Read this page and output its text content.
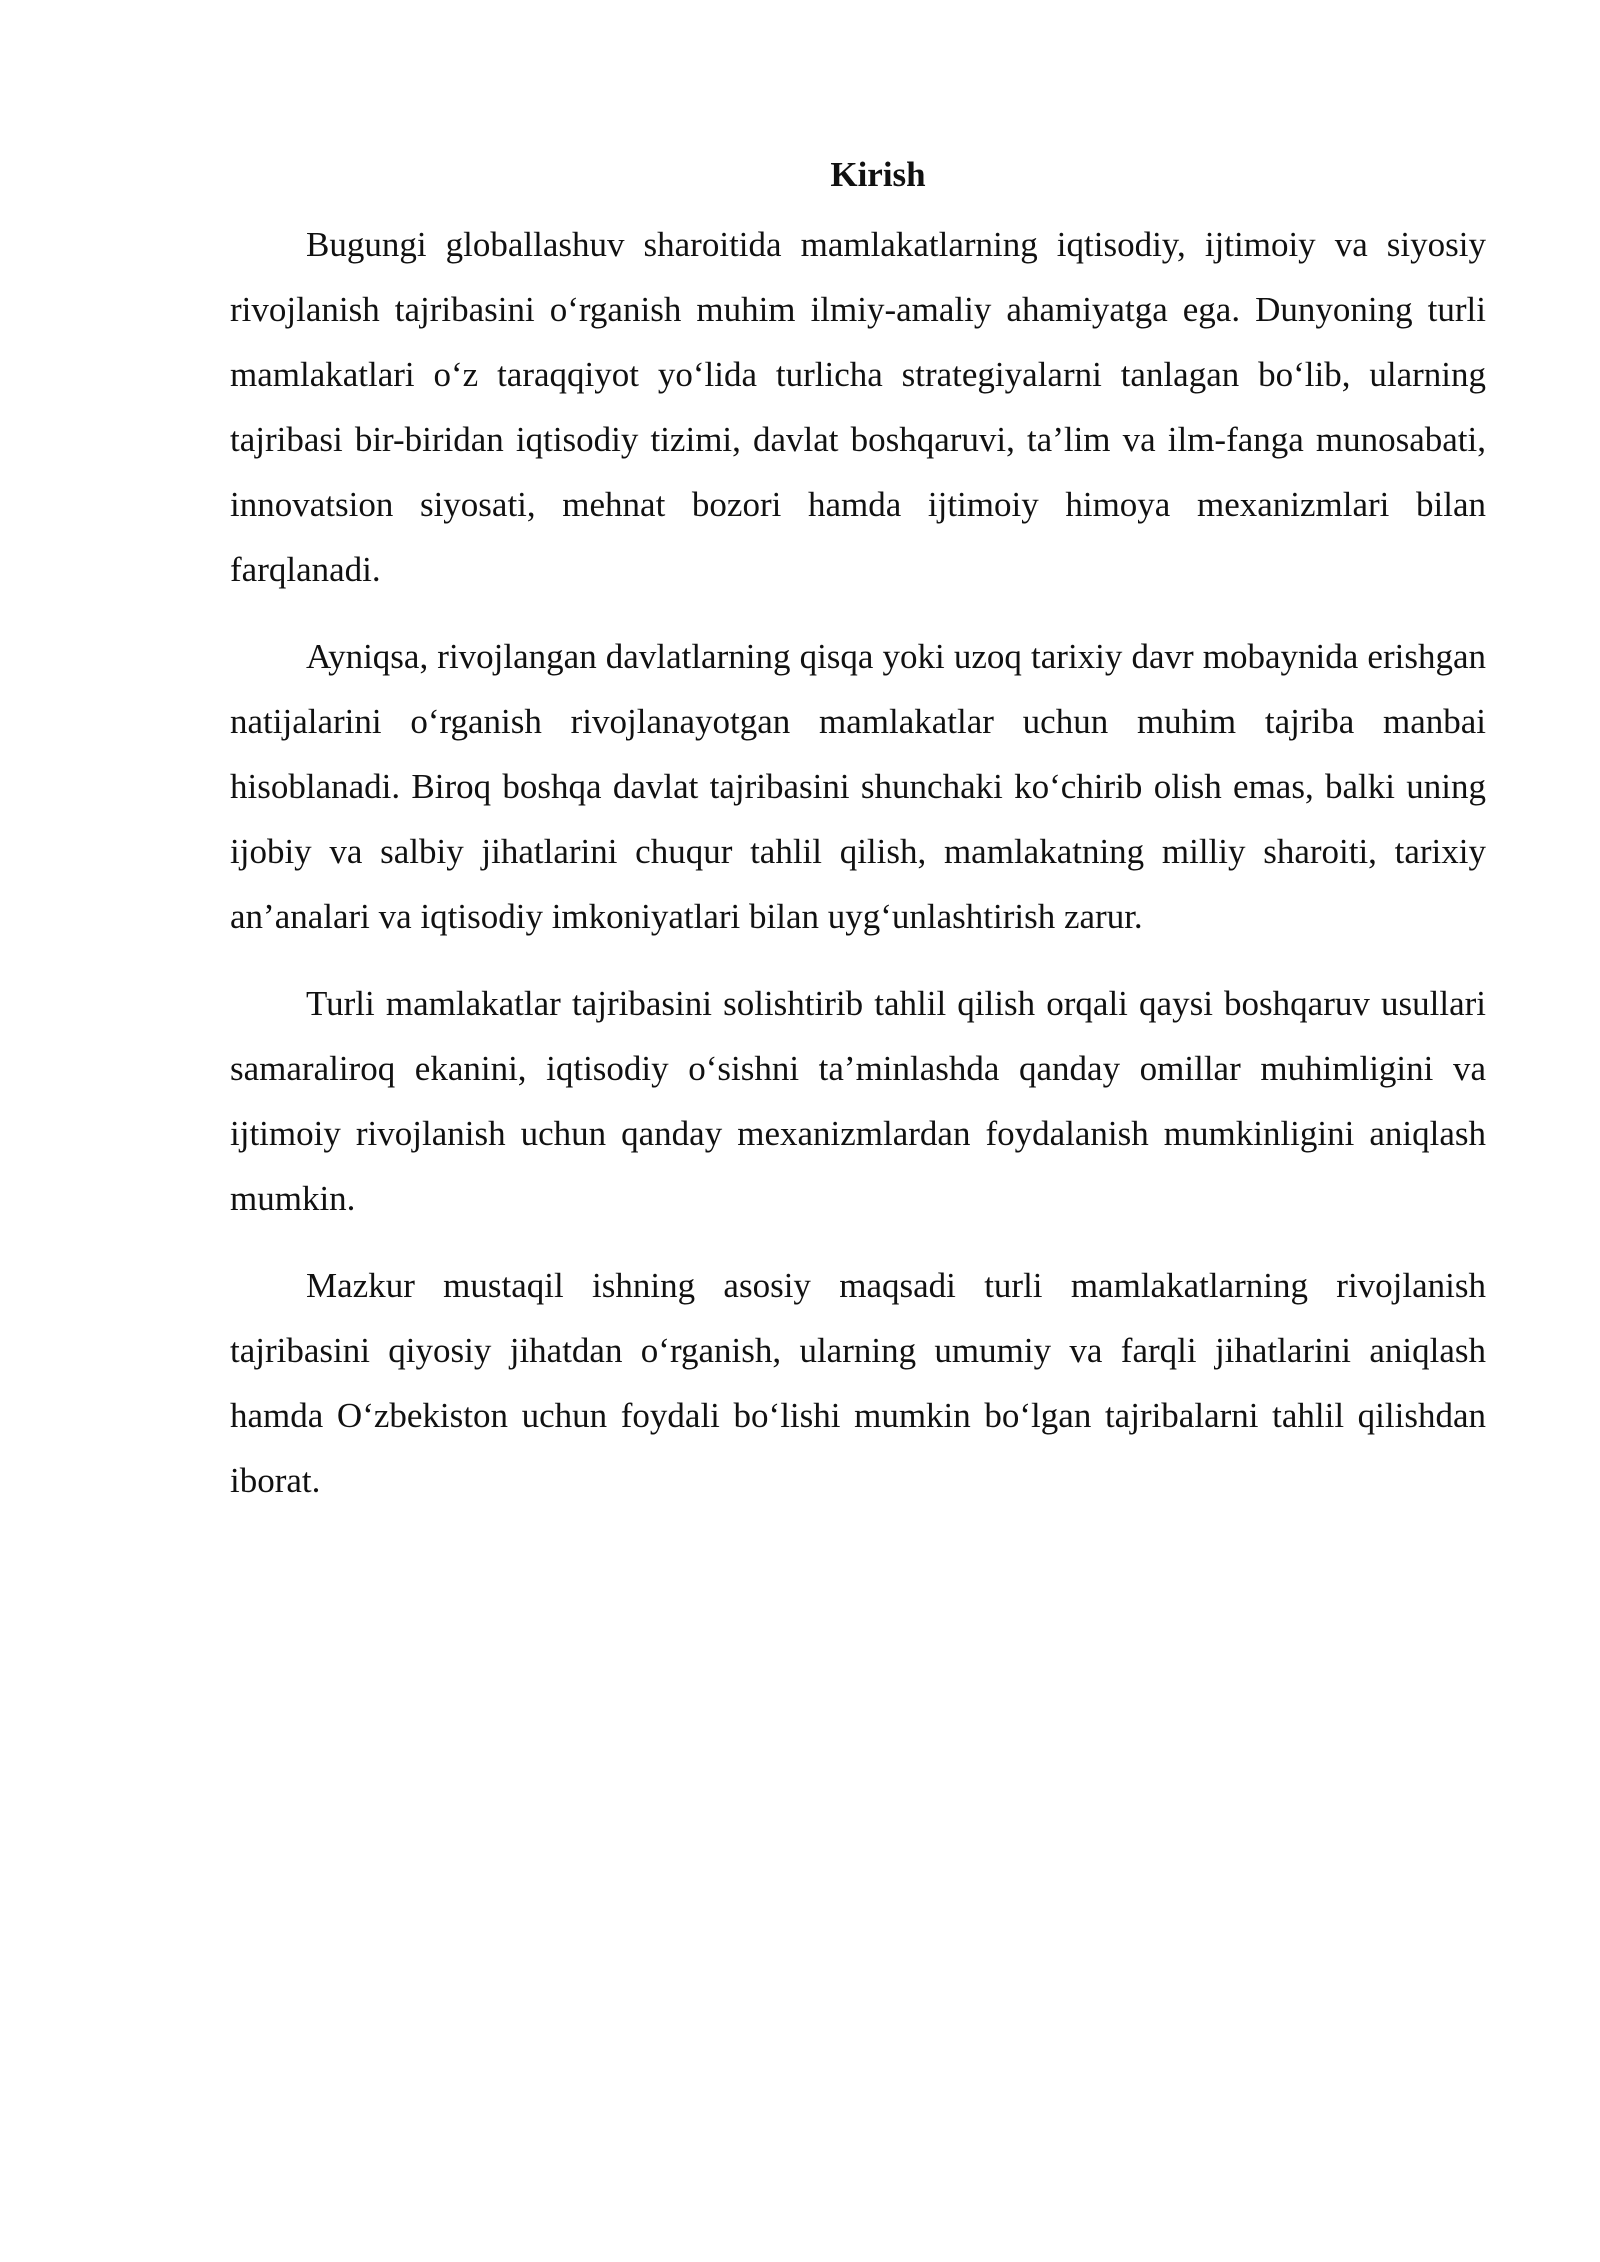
Kirish

Bugungi globallashuv sharoitida mamlakatlarning iqtisodiy, ijtimoiy va siyosiy rivojlanish tajribasini o‘rganish muhim ilmiy-amaliy ahamiyatga ega. Dunyoning turli mamlakatlari o‘z taraqqiyot yo‘lida turlicha strategiyalarni tanlagan bo‘lib, ularning tajribasi bir-biridan iqtisodiy tizimi, davlat boshqaruvi, ta’lim va ilm-fanga munosabati, innovatsion siyosati, mehnat bozori hamda ijtimoiy himoya mexanizmlari bilan farqlanadi.

Ayniqsa, rivojlangan davlatlarning qisqa yoki uzoq tarixiy davr mobaynida erishgan natijalarini o‘rganish rivojlanayotgan mamlakatlar uchun muhim tajriba manbai hisoblanadi. Biroq boshqa davlat tajribasini shunchaki ko‘chirib olish emas, balki uning ijobiy va salbiy jihatlarini chuqur tahlil qilish, mamlakatning milliy sharoiti, tarixiy an’analari va iqtisodiy imkoniyatlari bilan uyg‘unlashtirish zarur.

Turli mamlakatlar tajribasini solishtirib tahlil qilish orqali qaysi boshqaruv usullari samaraliroq ekanini, iqtisodiy o‘sishni ta’minlashda qanday omillar muhimligini va ijtimoiy rivojlanish uchun qanday mexanizmlardan foydalanish mumkinligini aniqlash mumkin.

Mazkur mustaqil ishning asosiy maqsadi turli mamlakatlarning rivojlanish tajribasini qiyosiy jihatdan o‘rganish, ularning umumiy va farqli jihatlarini aniqlash hamda O‘zbekiston uchun foydali bo‘lishi mumkin bo‘lgan tajribalarni tahlil qilishdan iborat.
